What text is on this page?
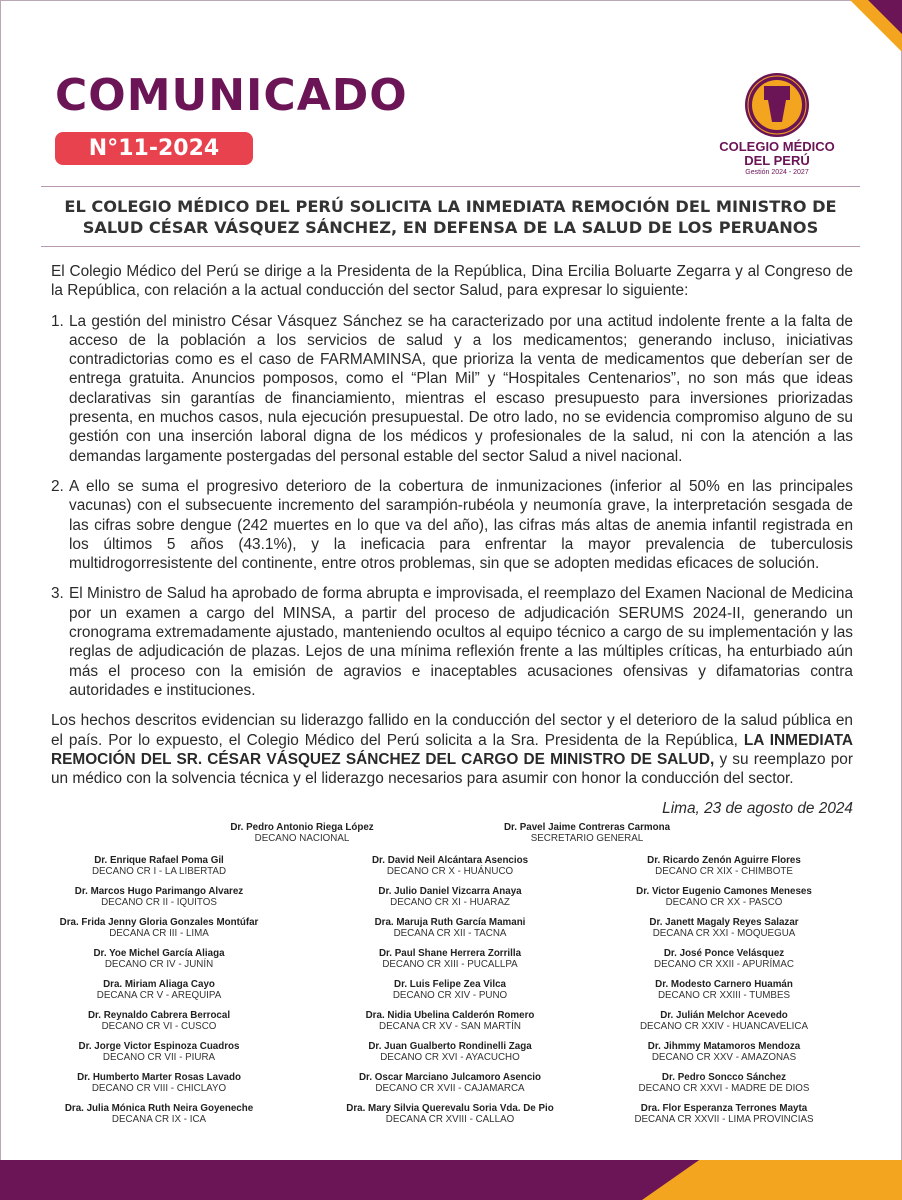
COMUNICADO
N°11-2024	COLEGIO MÉDICO
DEL PERÚ
Gestión 2024 - 2027
EL COLEGIO MÉDICO DEL PERÚ SOLICITA LA INMEDIATA REMOCIÓN DEL MINISTRO DE SALUD CÉSAR VÁSQUEZ SÁNCHEZ, EN DEFENSA DE LA SALUD DE LOS PERUANOS

El Colegio Médico del Perú se dirige a la Presidenta de la República, Dina Ercilia Boluarte Zegarra y al Congreso de la República, con relación a la actual conducción del sector Salud, para expresar lo siguiente:

1. La gestión del ministro César Vásquez Sánchez se ha caracterizado por una actitud indolente frente a la falta de acceso de la población a los servicios de salud y a los medicamentos; generando incluso, iniciativas contradictorias como es el caso de FARMAMINSA, que prioriza la venta de medicamentos que deberían ser de entrega gratuita. Anuncios pomposos, como el “Plan Mil” y “Hospitales Centenarios”, no son más que ideas declarativas sin garantías de financiamiento, mientras el escaso presupuesto para inversiones priorizadas presenta, en muchos casos, nula ejecución presupuestal. De otro lado, no se evidencia compromiso alguno de su gestión con una inserción laboral digna de los médicos y profesionales de la salud, ni con la atención a las demandas largamente postergadas del personal estable del sector Salud a nivel nacional.
2. A ello se suma el progresivo deterioro de la cobertura de inmunizaciones (inferior al 50% en las principales vacunas) con el subsecuente incremento del sarampión-rubéola y neumonía grave, la interpretación sesgada de las cifras sobre dengue (242 muertes en lo que va del año), las cifras más altas de anemia infantil registrada en los últimos 5 años (43.1%), y la ineficacia para enfrentar la mayor prevalencia de tuberculosis multidrogorresistente del continente, entre otros problemas, sin que se adopten medidas eficaces de solución.
3. El Ministro de Salud ha aprobado de forma abrupta e improvisada, el reemplazo del Examen Nacional de Medicina por un examen a cargo del MINSA, a partir del proceso de adjudicación SERUMS 2024-II, generando un cronograma extremadamente ajustado, manteniendo ocultos al equipo técnico a cargo de su implementación y las reglas de adjudicación de plazas. Lejos de una mínima reflexión frente a las múltiples críticas, ha enturbiado aún más el proceso con la emisión de agravios e inaceptables acusaciones ofensivas y difamatorias contra autoridades e instituciones.

Los hechos descritos evidencian su liderazgo fallido en la conducción del sector y el deterioro de la salud pública en el país. Por lo expuesto, el Colegio Médico del Perú solicita a la Sra. Presidenta de la República, LA INMEDIATA REMOCIÓN DEL SR. CÉSAR VÁSQUEZ SÁNCHEZ DEL CARGO DE MINISTRO DE SALUD, y su reemplazo por un médico con la solvencia técnica y el liderazgo necesarios para asumir con honor la conducción del sector.

Lima, 23 de agosto de 2024
Dr. Pedro Antonio Riega López
DECANO NACIONAL
Dr. Pavel Jaime Contreras Carmona
SECRETARIO GENERAL
Dr. Enrique Rafael Poma Gil
DECANO CR I - LA LIBERTAD
Dr. Marcos Hugo Parimango Alvarez
DECANO CR II - IQUITOS
Dra. Frida Jenny Gloria Gonzales Montúfar
DECANA CR III - LIMA
Dr. Yoe Michel García Aliaga
DECANO CR IV - JUNÍN
Dra. Miriam Aliaga Cayo
DECANA CR V - AREQUIPA
Dr. Reynaldo Cabrera Berrocal
DECANO CR VI - CUSCO
Dr. Jorge Victor Espinoza Cuadros
DECANO CR VII - PIURA
Dr. Humberto Marter Rosas Lavado
DECANO CR VIII - CHICLAYO
Dra. Julia Mónica Ruth Neira Goyeneche
DECANA CR IX - ICA
Dr. David Neil Alcántara Asencios
DECANO CR X - HUÁNUCO
Dr. Julio Daniel Vizcarra Anaya
DECANO CR XI - HUARAZ
Dra. Maruja Ruth García Mamani
DECANA CR XII - TACNA
Dr. Paul Shane Herrera Zorrilla
DECANO CR XIII - PUCALLPA
Dr. Luis Felipe Zea Vilca
DECANO CR XIV - PUNO
Dra. Nidia Ubelina Calderón Romero
DECANA CR XV - SAN MARTÍN
Dr. Juan Gualberto Rondinelli Zaga
DECANO CR XVI - AYACUCHO
Dr. Oscar Marciano Julcamoro Asencio
DECANO CR XVII - CAJAMARCA
Dra. Mary Silvia Querevalu Soria Vda. De Pio
DECANA CR XVIII - CALLAO
Dr. Ricardo Zenón Aguirre Flores
DECANO CR XIX - CHIMBOTE
Dr. Victor Eugenio Camones Meneses
DECANO CR XX - PASCO
Dr. Janett Magaly Reyes Salazar
DECANA CR XXI - MOQUEGUA
Dr. José Ponce Velásquez
DECANO CR XXII - APURÍMAC
Dr. Modesto Carnero Huamán
DECANO CR XXIII - TUMBES
Dr. Julián Melchor Acevedo
DECANO CR XXIV - HUANCAVELICA
Dr. Jihmmy Matamoros Mendoza
DECANO CR XXV - AMAZONAS
Dr. Pedro Soncco Sánchez
DECANO CR XXVI - MADRE DE DIOS
Dra. Flor Esperanza Terrones Mayta
DECANA CR XXVII - LIMA PROVINCIAS
